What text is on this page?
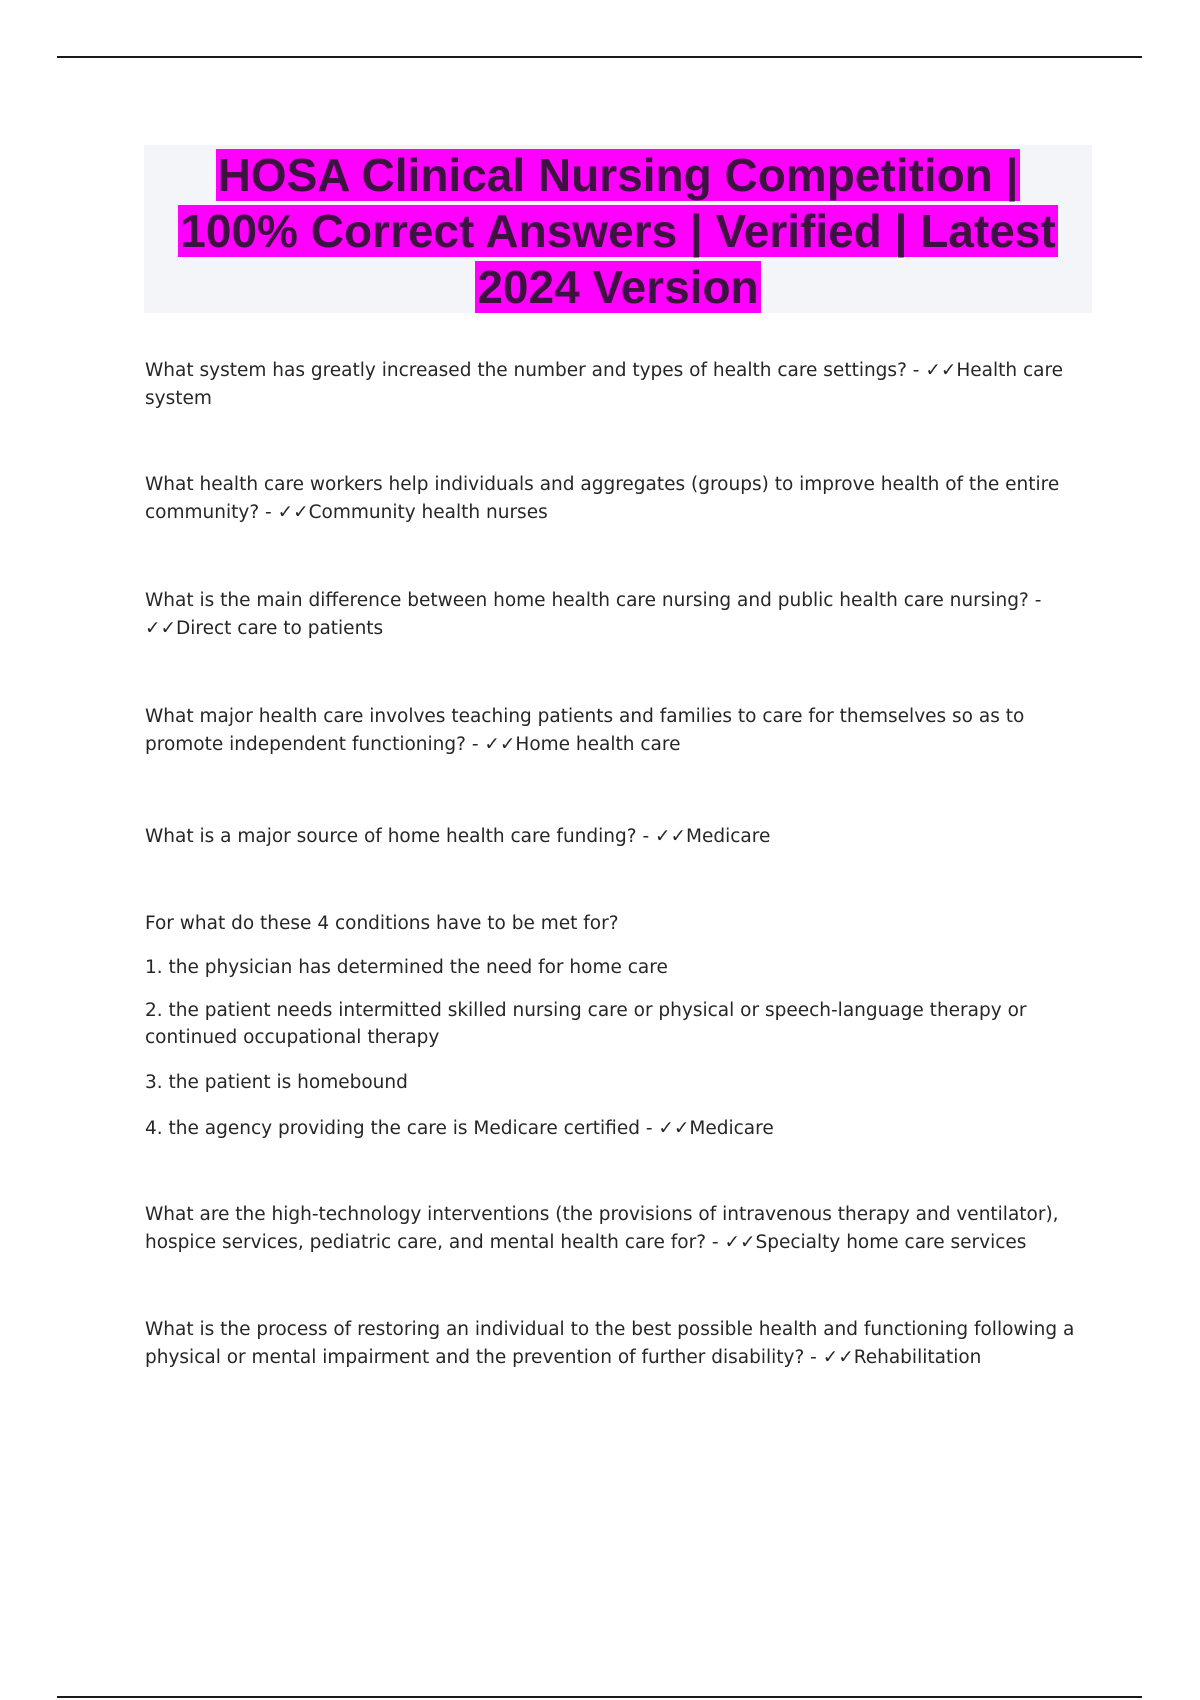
HOSA Clinical Nursing Competition |
100% Correct Answers | Verified | Latest
2024 Version

What system has greatly increased the number and types of health care settings? - ✓✓Health care system

What health care workers help individuals and aggregates (groups) to improve health of the entire community? - ✓✓Community health nurses

What is the main difference between home health care nursing and public health care nursing? - ✓✓Direct care to patients

What major health care involves teaching patients and families to care for themselves so as to promote independent functioning? - ✓✓Home health care

What is a major source of home health care funding? - ✓✓Medicare

For what do these 4 conditions have to be met for?

1. the physician has determined the need for home care

2. the patient needs intermitted skilled nursing care or physical or speech-language therapy or continued occupational therapy

3. the patient is homebound

4. the agency providing the care is Medicare certified - ✓✓Medicare

What are the high-technology interventions (the provisions of intravenous therapy and ventilator), hospice services, pediatric care, and mental health care for? - ✓✓Specialty home care services

What is the process of restoring an individual to the best possible health and functioning following a physical or mental impairment and the prevention of further disability? - ✓✓Rehabilitation
